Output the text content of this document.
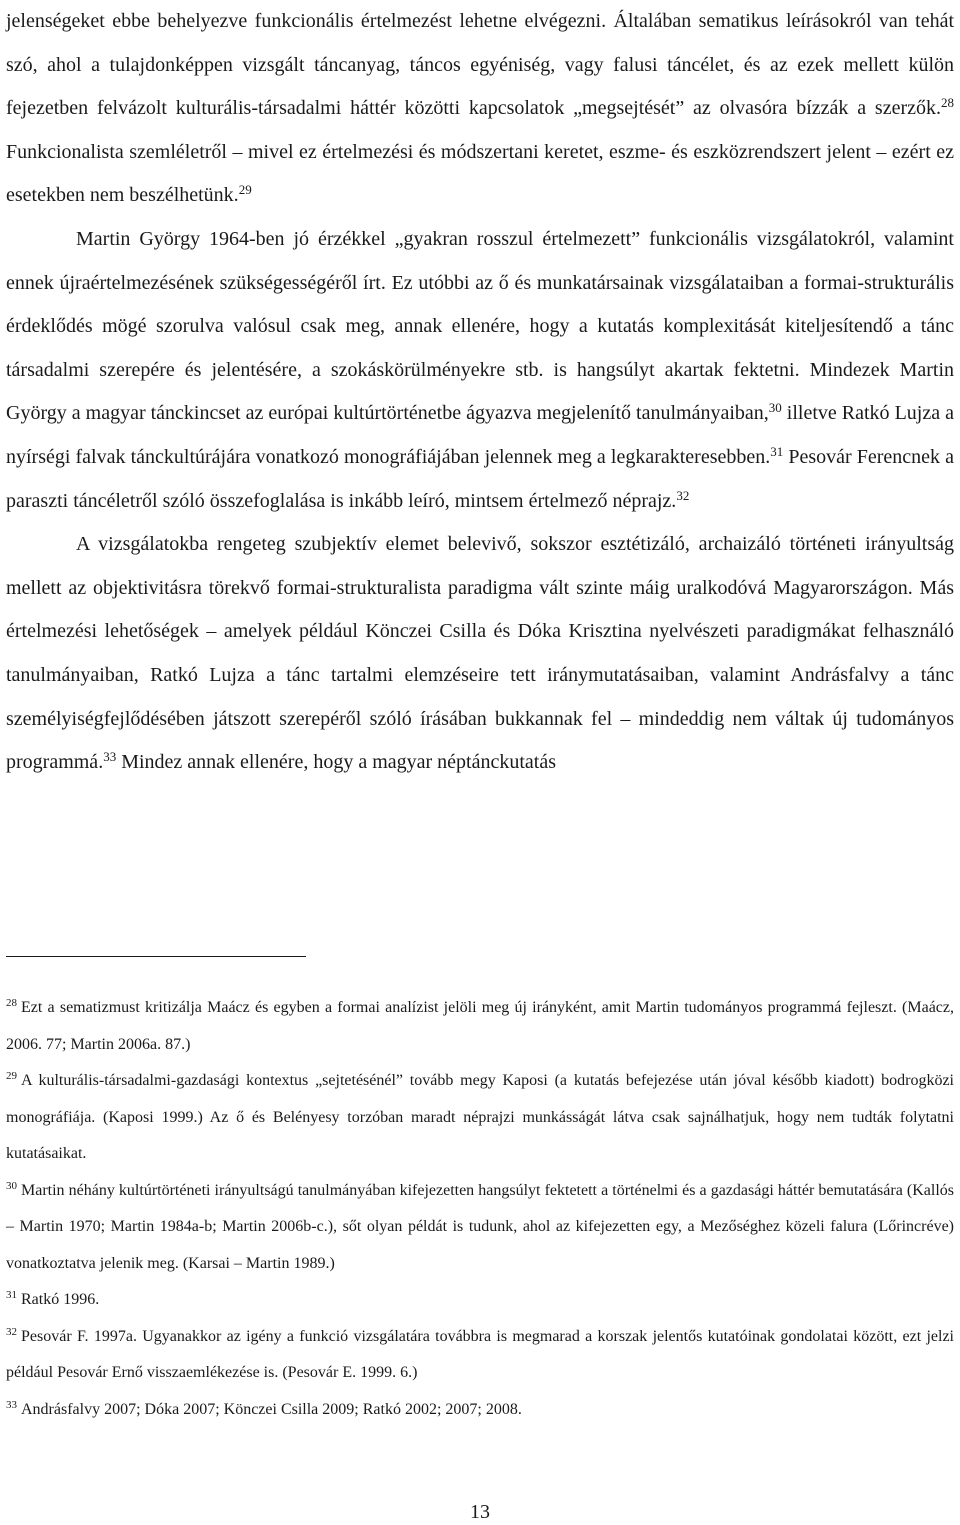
jelenségeket ebbe behelyezve funkcionális értelmezést lehetne elvégezni. Általában sematikus leírásokról van tehát szó, ahol a tulajdonképpen vizsgált táncanyag, táncos egyéniség, vagy falusi táncélet, és az ezek mellett külön fejezetben felvázolt kulturális-társadalmi háttér közötti kapcsolatok „megsejtését” az olvasóra bízzák a szerzők.$^{28}$ Funkcionalista szemléletről – mivel ez értelmezési és módszertani keretet, eszme- és eszközrendszert jelent – ezért ez esetekben nem beszélhetünk.$^{29}$

Martin György 1964-ben jó érzékkel „gyakran rosszul értelmezett” funkcionális vizsgálatokról, valamint ennek újraértelmezésének szükségességéről írt. Ez utóbbi az ő és munkatársainak vizsgálataiban a formai-strukturális érdeklődés mögé szorulva valósul csak meg, annak ellenére, hogy a kutatás komplexitását kiteljesítendő a tánc társadalmi szerepére és jelentésére, a szokáskörülményekre stb. is hangsúlyt akartak fektetni. Mindezek Martin György a magyar tánckincset az európai kultúrtörténetbe ágyazva megjelenítő tanulmányaiban,$^{30}$ illetve Ratkó Lujza a nyírségi falvak tánckultúrájára vonatkozó monográfiájában jelennek meg a legkarakteresebben.$^{31}$ Pesovár Ferencnek a paraszti táncéletről szóló összefoglalása is inkább leíró, mintsem értelmező néprajz.$^{32}$

A vizsgálatokba rengeteg szubjektív elemet belevivő, sokszor esztétizáló, archaizáló történeti irányultság mellett az objektivitásra törekvő formai-strukturalista paradigma vált szinte máig uralkodóvá Magyarországon. Más értelmezési lehetőségek – amelyek például Könczei Csilla és Dóka Krisztina nyelvészeti paradigmákat felhasználó tanulmányaiban, Ratkó Lujza a tánc tartalmi elemzéseire tett iránymutatásaiban, valamint Andrásfalvy a tánc személyiségfejlődésében játszott szerepéről szóló írásában bukkannak fel – mindeddig nem váltak új tudományos programmá.$^{33}$ Mindez annak ellenére, hogy a magyar néptánckutatás

$^{28}$ Ezt a sematizmust kritizálja Maácz és egyben a formai analízist jelöli meg új irányként, amit Martin tudományos programmá fejleszt. (Maácz, 2006. 77; Martin 2006a. 87.)

$^{29}$ A kulturális-társadalmi-gazdasági kontextus „sejtetésénél” tovább megy Kaposi (a kutatás befejezése után jóval később kiadott) bodrogközi monográfiája. (Kaposi 1999.) Az ő és Belényesy torzóban maradt néprajzi munkásságát látva csak sajnálhatjuk, hogy nem tudták folytatni kutatásaikat.

$^{30}$ Martin néhány kultúrtörténeti irányultságú tanulmányában kifejezetten hangsúlyt fektetett a történelmi és a gazdasági háttér bemutatására (Kallós – Martin 1970; Martin 1984a-b; Martin 2006b-c.), sőt olyan példát is tudunk, ahol az kifejezetten egy, a Mezőséghez közeli falura (Lőrincréve) vonatkoztatva jelenik meg. (Karsai – Martin 1989.)

$^{31}$ Ratkó 1996.

$^{32}$ Pesovár F. 1997a. Ugyanakkor az igény a funkció vizsgálatára továbbra is megmarad a korszak jelentős kutatóinak gondolatai között, ezt jelzi például Pesovár Ernő visszaemlékezése is. (Pesovár E. 1999. 6.)

$^{33}$ Andrásfalvy 2007; Dóka 2007; Könczei Csilla 2009; Ratkó 2002; 2007; 2008.

13
